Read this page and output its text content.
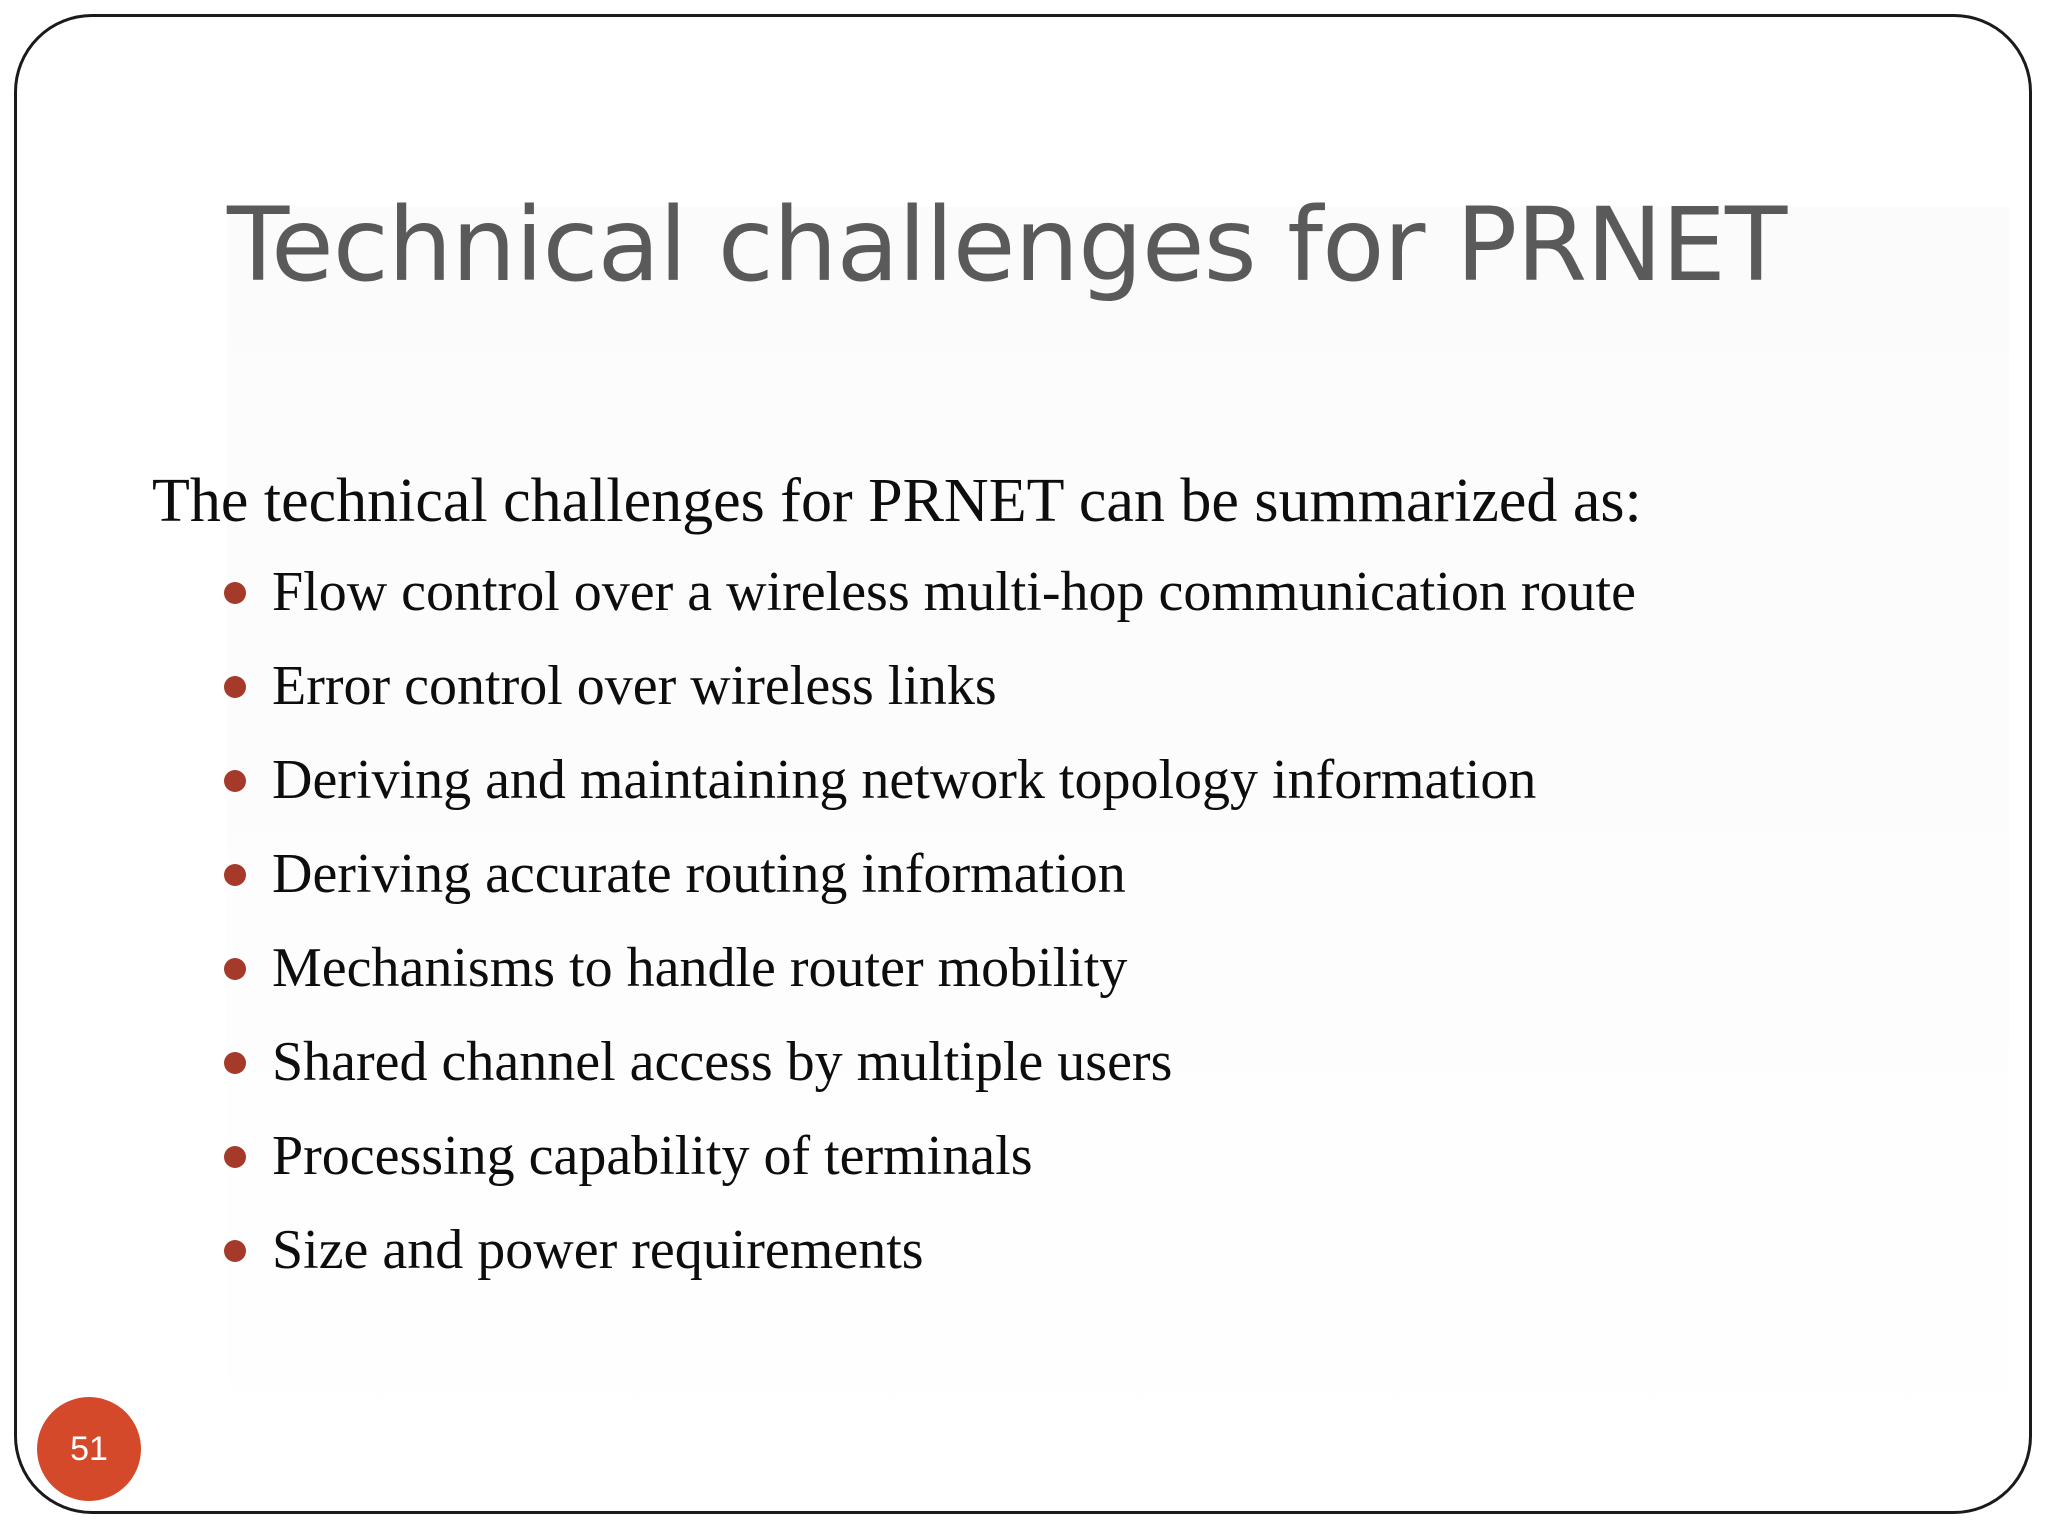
Technical challenges for PRNET

The technical challenges for PRNET can be summarized as:

Flow control over a wireless multi-hop communication route
Error control over wireless links
Deriving and maintaining network topology information
Deriving accurate routing information
Mechanisms to handle router mobility
Shared channel access by multiple users
Processing capability of terminals
Size and power requirements
51
